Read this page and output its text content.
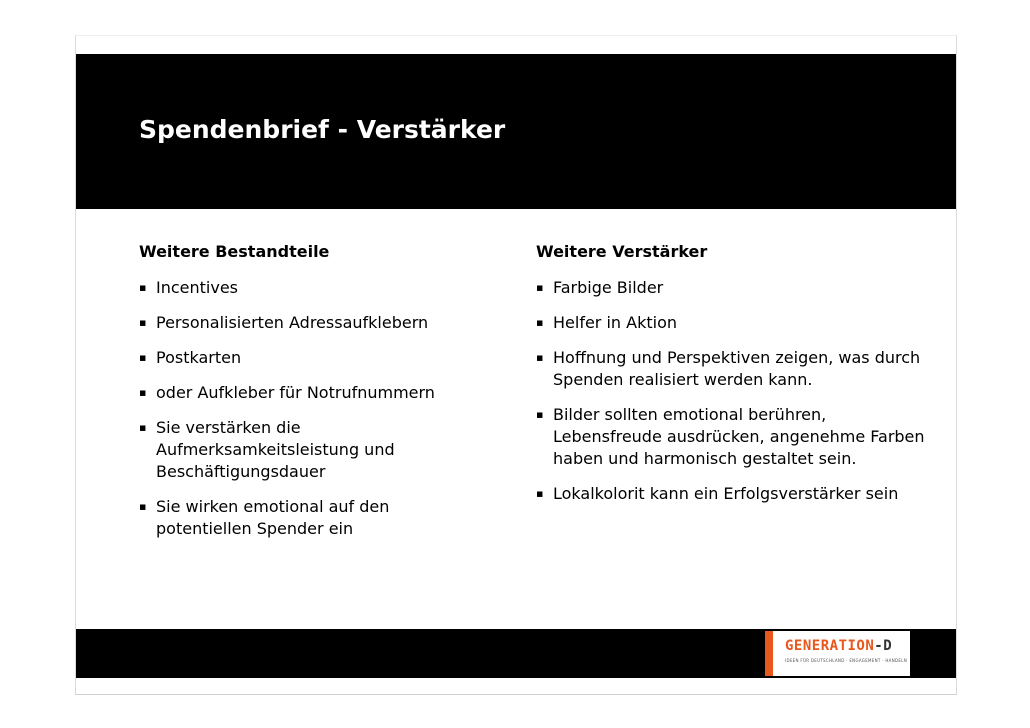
Spendenbrief - Verstärker
Weitere Bestandteile
▪ Incentives
▪ Personalisierten Adressaufklebern
▪ Postkarten
▪ oder Aufkleber für Notrufnummern
▪ Sie verstärken die Aufmerksamkeitsleistung und Beschäftigungsdauer
▪ Sie wirken emotional auf den potentiellen Spender ein
Weitere Verstärker
▪ Farbige Bilder
▪ Helfer in Aktion
▪ Hoffnung und Perspektiven zeigen, was durch Spenden realisiert werden kann.
▪ Bilder sollten emotional berühren, Lebensfreude ausdrücken, angenehme Farben haben und harmonisch gestaltet sein.
▪ Lokalkolorit kann ein Erfolgsverstärker sein
GENERATION-D
IDEEN FÜR DEUTSCHLAND · ENGAGEMENT · HANDELN
